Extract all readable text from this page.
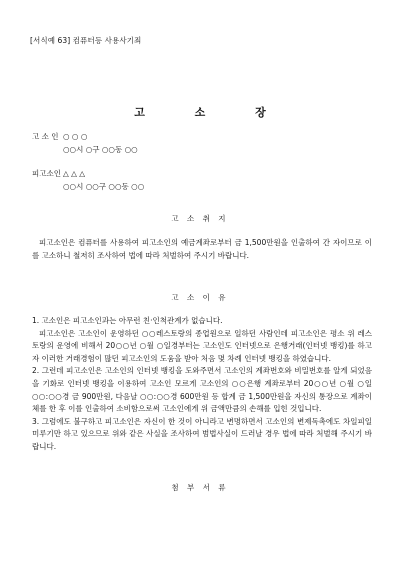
[서식예 63] 컴퓨터등 사용사기죄
고	소	장
고 소 인 ○ ○ ○
○○시 ○구 ○○동 ○○
피고소인 △ △ △
○○시 ○○구 ○○동 ○○
고 소 취 지

피고소인은 컴퓨터를 사용하여 피고소인의 예금계좌로부터 금 1,500만원을 인출하여 간 자이므로 이를 고소하니 철저히 조사하여 법에 따라 처벌하여 주시기 바랍니다.

고 소 이 유

1. 고소인은 피고소인과는 아무런 친·인척관계가 없습니다.

피고소인은 고소인이 운영하던 ○○레스토랑의 종업원으로 일하던 사람인데 피고소인은 평소 위 레스토랑의 운영에 비해서 20○○년 ○월 ○일경부터는 고소인도 인터넷으로 은행거래(인터넷 뱅킹)를 하고자 이러한 거래경험이 많던 피고소인의 도움을 받아 처음 몇 차례 인터넷 뱅킹을 하였습니다.

2. 그런데 피고소인은 고소인의 인터넷 뱅킹을 도와주면서 고소인의 계좌번호와 비밀번호를 알게 되었음을 기화로 인터넷 뱅킹을 이용하여 고소인 모르게 고소인의 ○○은행 계좌로부터 20○○년 ○월 ○일 ○○:○○경 금 900만원, 다음날 ○○:○○경 600만원 등 합계 금 1,500만원을 자신의 통장으로 계좌이체를 한 후 이를 인출하여 소비함으로써 고소인에게 위 금액만큼의 손해를 입힌 것입니다.

3. 그럼에도 불구하고 피고소인은 자신이 한 것이 아니라고 변명하면서 고소인의 변제독촉에도 차일피일 미루기만 하고 있으므로 위와 같은 사실을 조사하여 범법사실이 드러날 경우 법에 따라 처벌해 주시기 바랍니다.

첨 부 서 류
